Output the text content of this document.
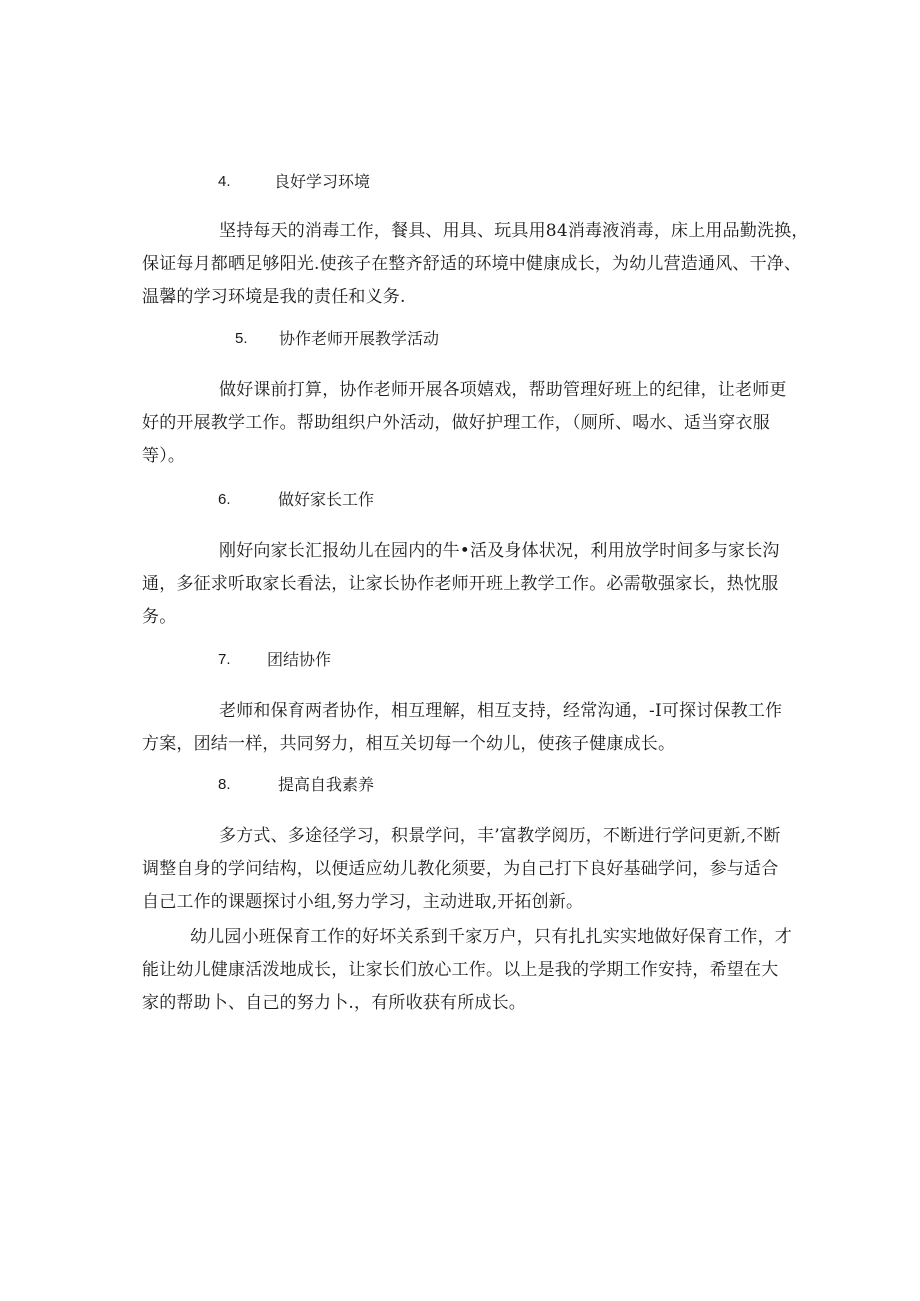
4.	良好学习环境
坚持每天的消毒工作，餐具、用具、玩具用84消毒液消毒，床上用品勤洗换，
保证每月都晒足够阳光.使孩子在整齐舒适的环境中健康成长，为幼儿营造通风、干净、
温馨的学习环境是我的责任和义务.
5. 协作老师开展教学活动
做好课前打算，协作老师开展各项嬉戏，帮助管理好班上的纪律，让老师更
好的开展教学工作。帮助组织户外活动，做好护理工作，（厕所、喝水、适当穿衣服
等）。
6.	做好家长工作
刚好向家长汇报幼儿在园内的牛•活及身体状况，利用放学时间多与家长沟
通，多征求听取家长看法，让家长协作老师开班上教学工作。必需敬强家长，热忱服
务。
7. 团结协作
老师和保育两者协作，相互理解，相互支持，经常沟通，-I可探讨保教工作
方案，团结一样，共同努力，相互关切每一个幼儿，使孩子健康成长。
8.	提高自我素养
多方式、多途径学习，积景学问，丰’富教学阅历，不断进行学问更新,不断
调整自身的学问结构，以便适应幼儿教化须要，为自己打下良好基础学问，参与适合
自己工作的课题探讨小组,努力学习，主动进取,开拓创新。
幼儿园小班保育工作的好坏关系到千家万户，只有扎扎实实地做好保育工作，才
能让幼儿健康活泼地成长，让家长们放心工作。以上是我的学期工作安持，希望在大
家的帮助卜、自己的努力卜.，有所收获有所成长。
